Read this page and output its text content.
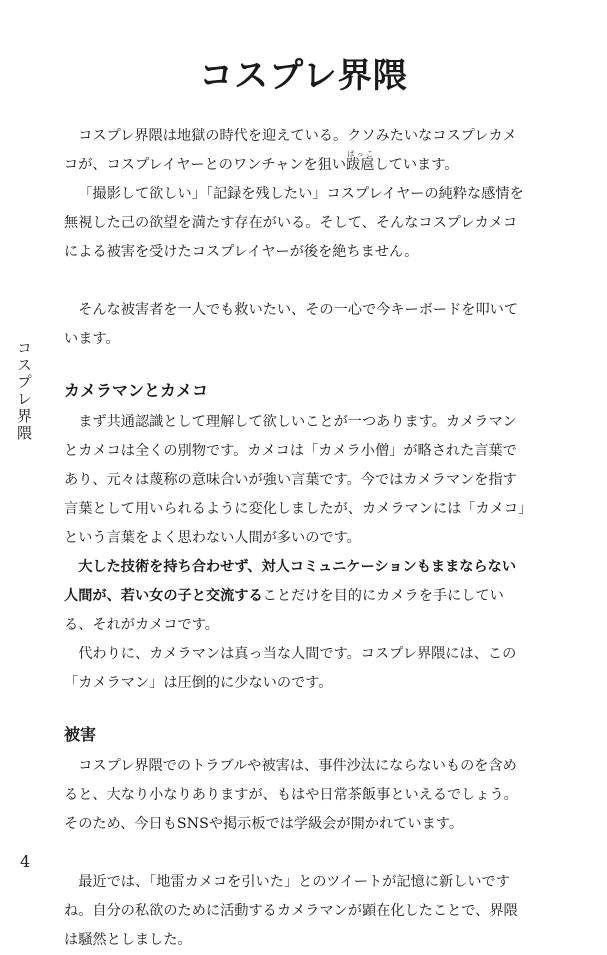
コスプレ界隈
コスプレ界隈

コスプレ界隈は地獄の時代を迎えている。クソみたいなコスプレカメコが、コスプレイヤーとのワンチャンを狙い跋扈ばっこしています。

「撮影して欲しい」「記録を残したい」コスプレイヤーの純粋な感情を無視した己の欲望を満たす存在がいる。そして、そんなコスプレカメコによる被害を受けたコスプレイヤーが後を絶ちません。

そんな被害者を一人でも救いたい、その一心で今キーボードを叩いています。

カメラマンとカメコ

まず共通認識として理解して欲しいことが一つあります。カメラマンとカメコは全くの別物です。カメコは「カメラ小僧」が略された言葉であり、元々は蔑称の意味合いが強い言葉です。今ではカメラマンを指す言葉として用いられるように変化しましたが、カメラマンには「カメコ」という言葉をよく思わない人間が多いのです。

大した技術を持ち合わせず、対人コミュニケーションもままならない人間が、若い女の子と交流することだけを目的にカメラを手にしている、それがカメコです。

代わりに、カメラマンは真っ当な人間です。コスプレ界隈には、この「カメラマン」は圧倒的に少ないのです。

被害

コスプレ界隈でのトラブルや被害は、事件沙汰にならないものを含めると、大なり小なりありますが、もはや日常茶飯事といえるでしょう。そのため、今日もSNSや掲示板では学級会が開かれています。

最近では、「地雷カメコを引いた」とのツイートが記憶に新しいですね。自分の私欲のために活動するカメラマンが顕在化したことで、界隈は騒然としました。

4
